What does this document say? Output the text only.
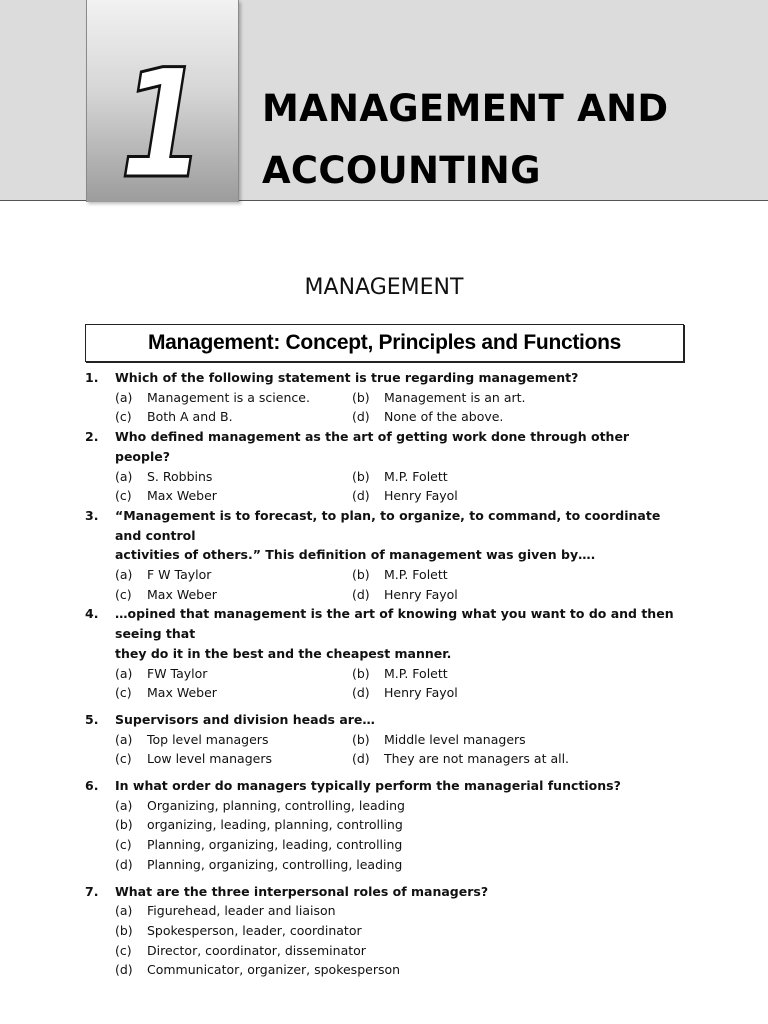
1	MANAGEMENT AND
ACCOUNTING
MANAGEMENT
Management: Concept, Principles and Functions
1.	Which of the following statement is true regarding management?
(a)	Management is a science.	(b)	Management is an art.
(c)	Both A and B.	(d)	None of the above.
2.	Who defined management as the art of getting work done through other people?
(a)	S. Robbins	(b)	M.P. Folett
(c)	Max Weber	(d)	Henry Fayol
3.	“Management is to forecast, to plan, to organize, to command, to coordinate and control
activities of others.” This definition of management was given by….
(a)	F W Taylor	(b)	M.P. Folett
(c)	Max Weber	(d)	Henry Fayol
4.	…opined that management is the art of knowing what you want to do and then seeing that
they do it in the best and the cheapest manner.
(a)	FW Taylor	(b)	M.P. Folett
(c)	Max Weber	(d)	Henry Fayol
5.	Supervisors and division heads are…
(a)	Top level managers	(b)	Middle level managers
(c)	Low level managers	(d)	They are not managers at all.
6.	In what order do managers typically perform the managerial functions?
(a)	Organizing, planning, controlling, leading
(b)	organizing, leading, planning, controlling
(c)	Planning, organizing, leading, controlling
(d)	Planning, organizing, controlling, leading
7.	What are the three interpersonal roles of managers?
(a)	Figurehead, leader and liaison
(b)	Spokesperson, leader, coordinator
(c)	Director, coordinator, disseminator
(d)	Communicator, organizer, spokesperson
